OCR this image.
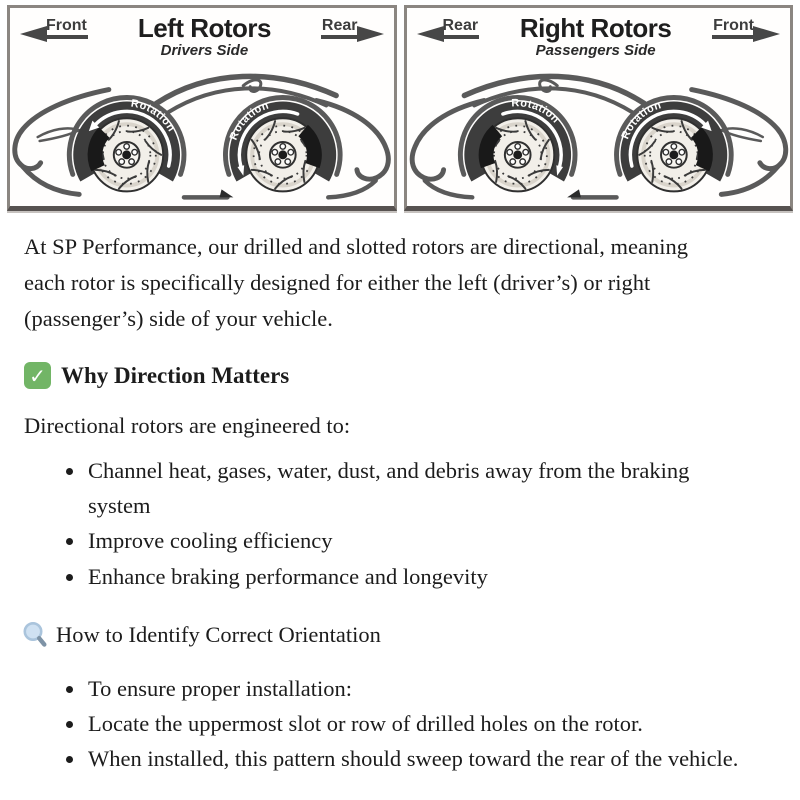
Front Left Rotors
Drivers Side
Rear
Rotation
Rotation
Rear Right Rotors
Passengers Side
Front
Rotation
Rotation

At SP Performance, our drilled and slotted rotors are directional, meaning each rotor is specifically designed for either the left (driver’s) or right (passenger’s) side of your vehicle.

✓ Why Direction Matters

Directional rotors are engineered to:

• Channel heat, gases, water, dust, and debris away from the braking system
• Improve cooling efficiency
• Enhance braking performance and longevity
How to Identify Correct Orientation
• To ensure proper installation:
• Locate the uppermost slot or row of drilled holes on the rotor.
• When installed, this pattern should sweep toward the rear of the vehicle.
